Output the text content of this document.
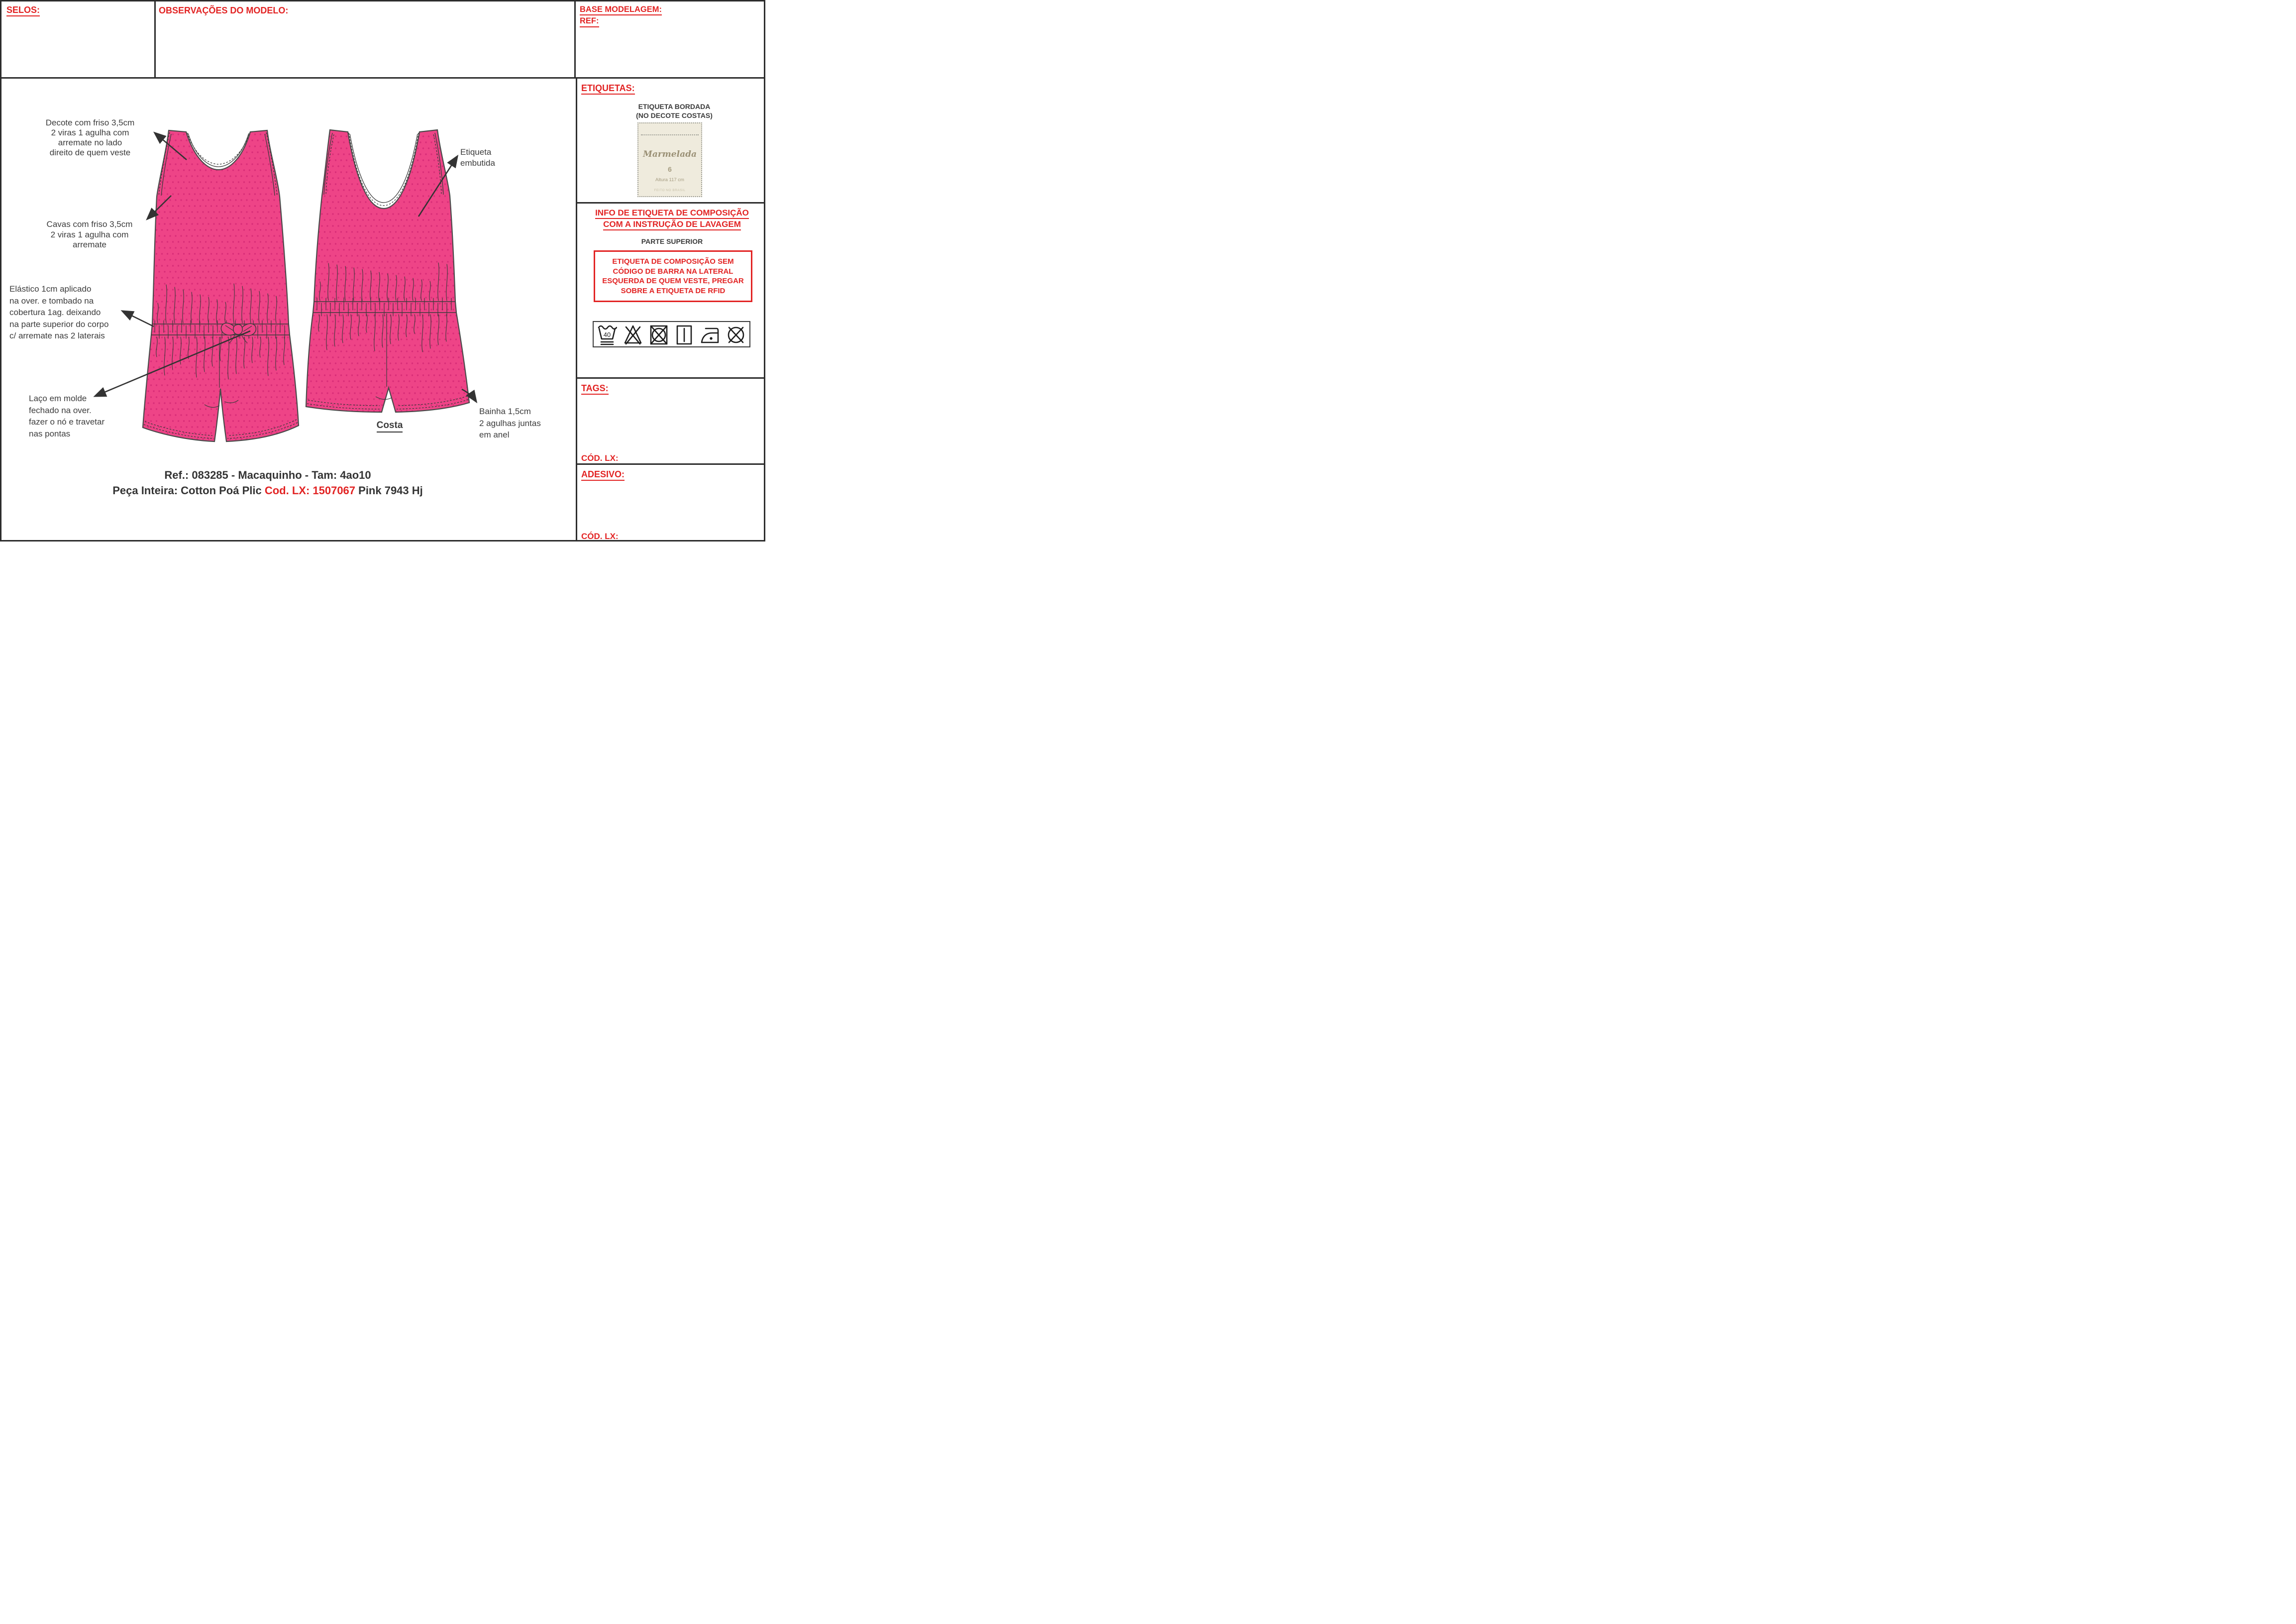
SELOS:	OBSERVAÇÕES DO MODELO:	BASE MODELAGEM:
REF:
ETIQUETAS:
ETIQUETA BORDADA
(NO DECOTE COSTAS)
Marmelada
6
Altura 117 cm
FEITO NO BRASIL
INFO DE ETIQUETA DE COMPOSIÇÃO
COM A INSTRUÇÃO DE LAVAGEM
PARTE SUPERIOR
ETIQUETA DE COMPOSIÇÃO SEM
CÓDIGO DE BARRA NA LATERAL
ESQUERDA DE QUEM VESTE, PREGAR
SOBRE A ETIQUETA DE RFID
40
TAGS:
CÓD. LX:
ADESIVO:
CÓD. LX:
Decote com friso 3,5cm
2 viras 1 agulha com
arremate no lado
direito de quem veste
Cavas com friso 3,5cm
2 viras 1 agulha com
arremate
Elástico 1cm aplicado
na over. e tombado na
cobertura 1ag. deixando
na parte superior do corpo
c/ arremate nas 2 laterais
Laço em molde
fechado na over.
fazer o nó e travetar
nas pontas
Etiqueta
embutida
Bainha 1,5cm
2 agulhas juntas
em anel
Costa
Ref.: 083285 - Macaquinho - Tam: 4ao10
Peça Inteira: Cotton Poá Plic Cod. LX: 1507067 Pink 7943 Hj
